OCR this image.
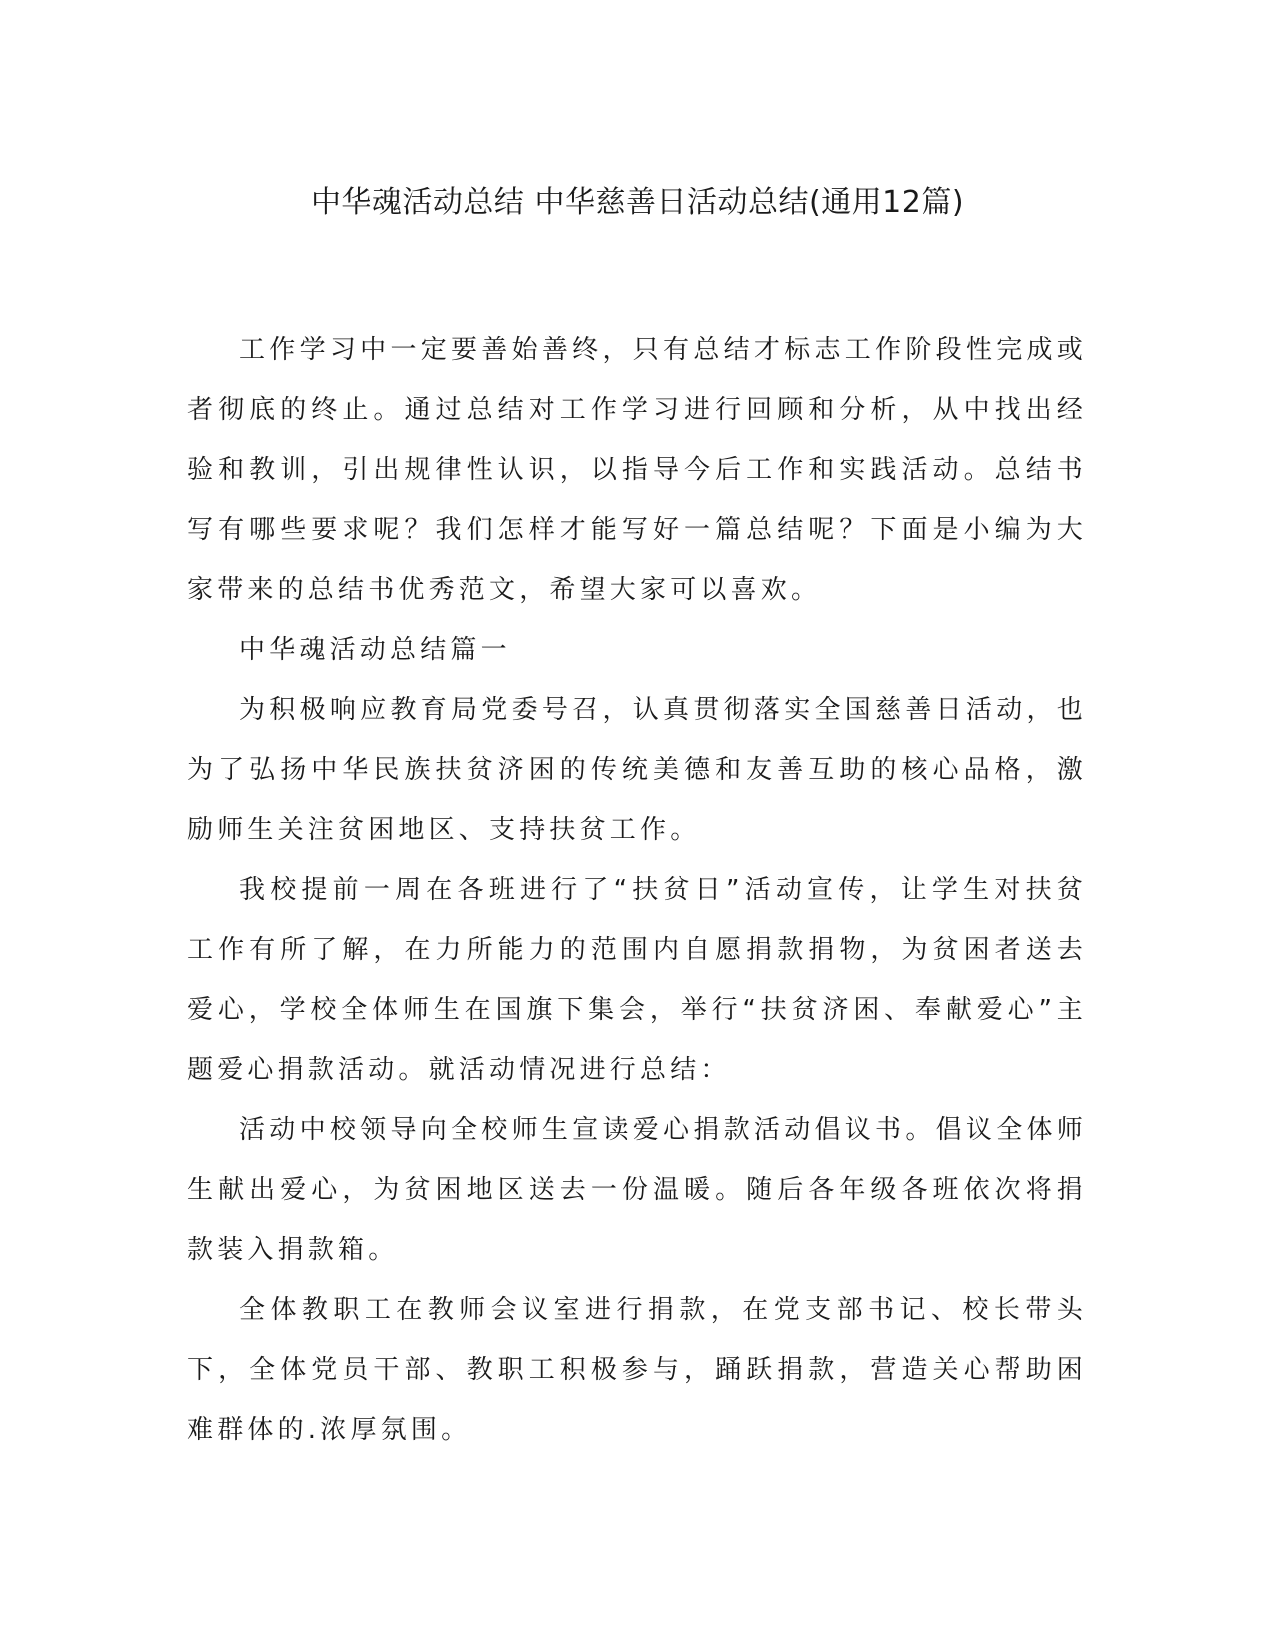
中华魂活动总结 中华慈善日活动总结(通用12篇)

工作学习中一定要善始善终，只有总结才标志工作阶段性完成或者彻底的终止。通过总结对工作学习进行回顾和分析，从中找出经验和教训，引出规律性认识，以指导今后工作和实践活动。总结书写有哪些要求呢？我们怎样才能写好一篇总结呢？下面是小编为大家带来的总结书优秀范文，希望大家可以喜欢。

中华魂活动总结篇一

为积极响应教育局党委号召，认真贯彻落实全国慈善日活动，也为了弘扬中华民族扶贫济困的传统美德和友善互助的核心品格，激励师生关注贫困地区、支持扶贫工作。

我校提前一周在各班进行了“扶贫日”活动宣传，让学生对扶贫工作有所了解，在力所能力的范围内自愿捐款捐物，为贫困者送去爱心，学校全体师生在国旗下集会，举行“扶贫济困、奉献爱心”主题爱心捐款活动。就活动情况进行总结：

活动中校领导向全校师生宣读爱心捐款活动倡议书。倡议全体师生献出爱心，为贫困地区送去一份温暖。随后各年级各班依次将捐款装入捐款箱。

全体教职工在教师会议室进行捐款，在党支部书记、校长带头下，全体党员干部、教职工积极参与，踊跃捐款，营造关心帮助困难群体的.浓厚氛围。
